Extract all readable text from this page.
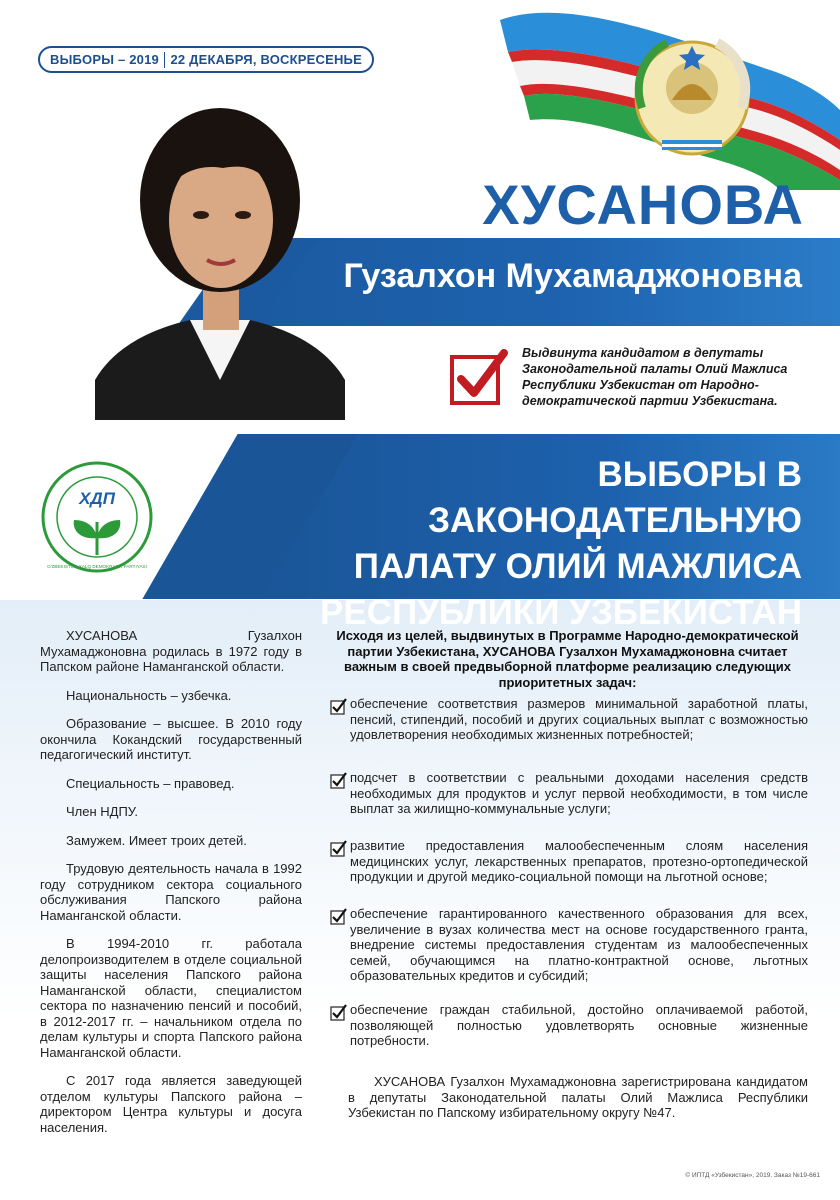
ВЫБОРЫ – 2019 22 ДЕКАБРЯ, ВОСКРЕСЕНЬЕ
ХУСАНОВА
Гузалхон Мухамаджоновна
Выдвинута кандидатом в депутаты Законодательной палаты Олий Мажлиса Республики Узбекистан от Народно-демократической партии Узбекистана.
ХДП
O'ZBEKISTON XALQ DEMOKRATIK PARTIYASI
ВЫБОРЫ В ЗАКОНОДАТЕЛЬНУЮ
ПАЛАТУ ОЛИЙ МАЖЛИСА
РЕСПУБЛИКИ УЗБЕКИСТАН

ХУСАНОВА Гузалхон Мухамаджоновна родилась в 1972 году в Папском районе Наманганской области.

Национальность – узбечка.

Образование – высшее. В 2010 году окончила Кокандский государственный педагогический институт.

Специальность – правовед.

Член НДПУ.

Замужем. Имеет троих детей.

Трудовую деятельность начала в 1992 году сотрудником сектора социального обслуживания Папского района Наманганской области.

В 1994-2010 гг. работала делопроизводителем в отделе социальной защиты населения Папского района Наманганской области, специалистом сектора по назначению пенсий и пособий, в 2012-2017 гг. – начальником отдела по делам культуры и спорта Папского района Наманганской области.

С 2017 года является заведующей отделом культуры Папского района – директором Центра культуры и досуга населения.

Исходя из целей, выдвинутых в Программе Народно-демократической партии Узбекистана, ХУСАНОВА Гузалхон Мухамаджоновна считает важным в своей предвыборной платформе реализацию следующих приоритетных задач:
обеспечение соответствия размеров минимальной заработной платы, пенсий, стипендий, пособий и других социальных выплат с возможностью удовлетворения необходимых жизненных потребностей;
подсчет в соответствии с реальными доходами населения средств необходимых для продуктов и услуг первой необходимости, в том числе выплат за жилищно-коммунальные услуги;
развитие предоставления малообеспеченным слоям населения медицинских услуг, лекарственных препаратов, протезно-ортопедической продукции и другой медико-социальной помощи на льготной основе;
обеспечение гарантированного качественного образования для всех, увеличение в вузах количества мест на основе государственного гранта, внедрение системы предоставления студентам из малообеспеченных семей, обучающимся на платно-контрактной основе, льготных образовательных кредитов и субсидий;
обеспечение граждан стабильной, достойно оплачиваемой работой, позволяющей полностью удовлетворять основные жизненные потребности.
ХУСАНОВА Гузалхон Мухамаджоновна зарегистрирована кандидатом в депутаты Законодательной палаты Олий Мажлиса Республики Узбекистан по Папскому избирательному округу №47.
© ИПТД «Узбекистан», 2019. Заказ №19-661
